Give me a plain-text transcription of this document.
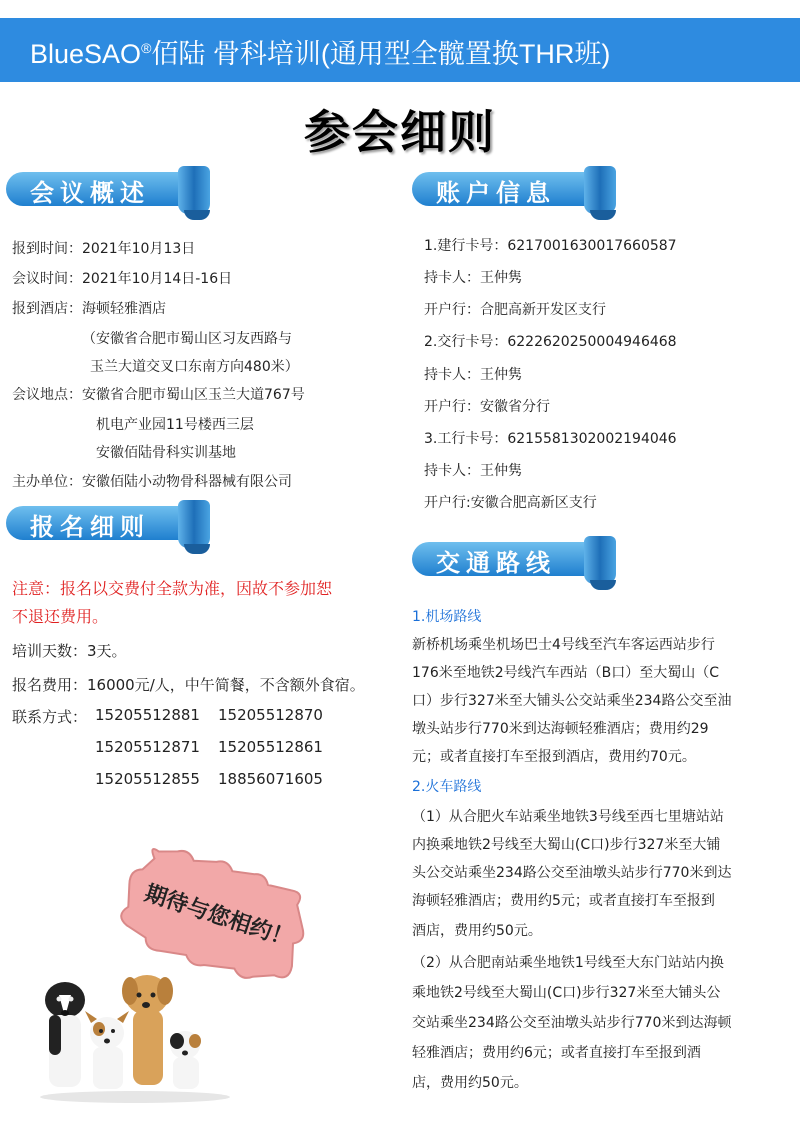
BlueSAO®佰陆 骨科培训(通用型全髋置换THR班)
参会细则
会议概述
报到时间：2021年10月13日
会议时间：2021年10月14日-16日
报到酒店：海顿轻雅酒店
（安徽省合肥市蜀山区习友西路与
玉兰大道交叉口东南方向480米）
会议地点：安徽省合肥市蜀山区玉兰大道767号
机电产业园11号楼西三层
安徽佰陆骨科实训基地
主办单位：安徽佰陆小动物骨科器械有限公司
报名细则
注意：报名以交费付全款为准，因故不参加恕
不退还费用。
培训天数：3天。
报名费用：16000元/人，中午简餐，不含额外食宿。
联系方式： 15205512881 15205512870
15205512871 15205512861
15205512855 18856071605
账户信息
1.建行卡号：6217001630017660587
持卡人：王仲隽
开户行：合肥高新开发区支行
2.交行卡号：6222620250004946468
持卡人：王仲隽
开户行：安徽省分行
3.工行卡号：6215581302002194046
持卡人：王仲隽
开户行:安徽合肥高新区支行
交通路线
1.机场路线
新桥机场乘坐机场巴士4号线至汽车客运西站步行
176米至地铁2号线汽车西站（B口）至大蜀山（C
口）步行327米至大铺头公交站乘坐234路公交至油
墩头站步行770米到达海顿轻雅酒店；费用约29
元；或者直接打车至报到酒店，费用约70元。
2.火车路线
（1）从合肥火车站乘坐地铁3号线至西七里塘站站
内换乘地铁2号线至大蜀山(C口)步行327米至大铺
头公交站乘坐234路公交至油墩头站步行770米到达
海顿轻雅酒店；费用约5元；或者直接打车至报到
酒店，费用约50元。
（2）从合肥南站乘坐地铁1号线至大东门站站内换
乘地铁2号线至大蜀山(C口)步行327米至大铺头公
交站乘坐234路公交至油墩头站步行770米到达海顿
轻雅酒店；费用约6元；或者直接打车至报到酒
店，费用约50元。
期待与您相约！
